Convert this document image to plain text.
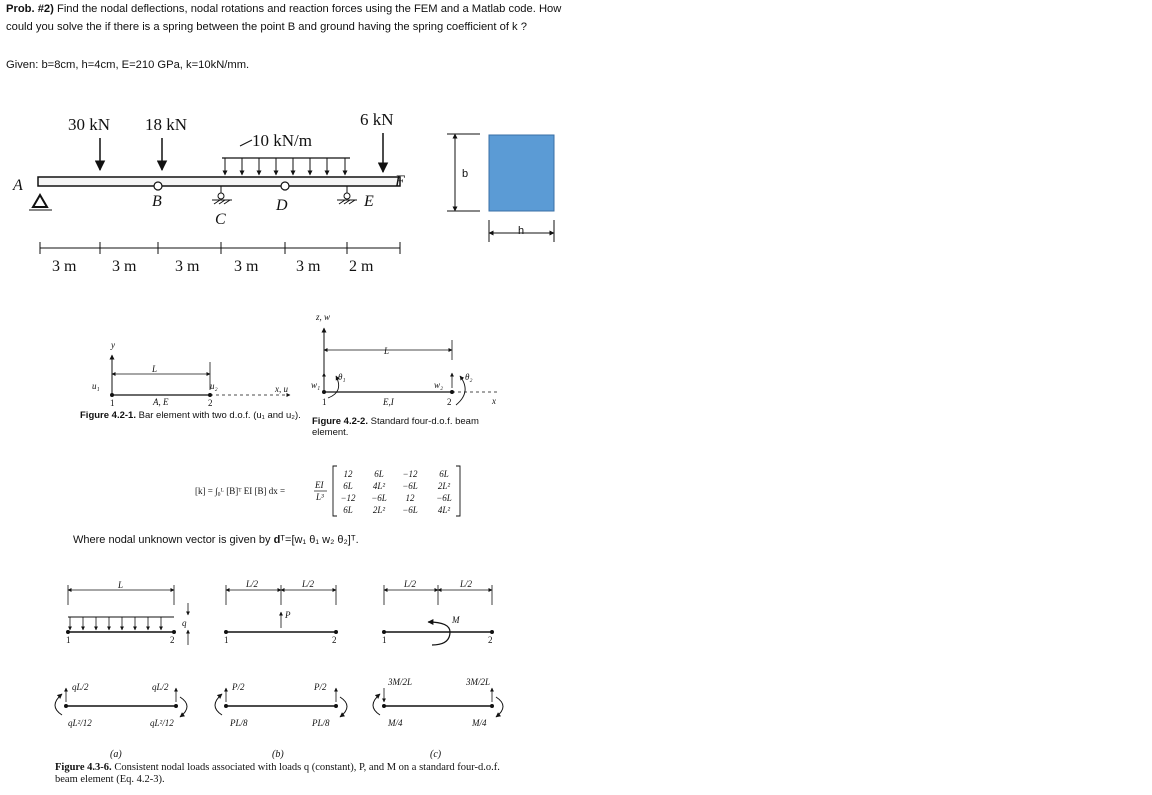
Prob. #2) Find the nodal deflections, nodal rotations and reaction forces using the FEM and a Matlab code. How could you solve the if there is a spring between the point B and ground having the spring coefficient of k ?
Given: b=8cm, h=4cm, E=210 GPa, k=10kN/mm.
30 kN 18 kN
10 kN/m
6 kN
A
B
C
D	E
F
3 m 3 m 3 m 3 m 3 m 2 m
b
h
y
L
u₁	u₂	x, u
1	2
A, E
z, w
L
w₁
θ₁
w₂
θ₂
x
E,I
1	2
[k] = ∫₀ᴸ [B]ᵀ EI [B] dx =
EI
L³
12 6L −12 6L
6L 4L² −6L 2L²
−12 −6L 12 −6L
6L 2L² −6L 4L²
L
q
1	2
qL/2	qL/2
qL²/12	qL²/12
L/2	L/2
P
1	2
P/2	P/2
PL/8	PL/8
L/2	L/2
M
1	2
3M/2L	3M/2L
M/4	M/4
(a)	(b)	(c)
Figure 4.2-1. Bar element with two d.o.f. (u₁ and u₂).
Figure 4.2-2. Standard four-d.o.f. beam element.
Where nodal unknown vector is given by dᵀ=[w₁ θ₁ w₂ θ₂]ᵀ.
Figure 4.3-6. Consistent nodal loads associated with loads q (constant), P, and M on a standard four-d.o.f. beam element (Eq. 4.2-3).
